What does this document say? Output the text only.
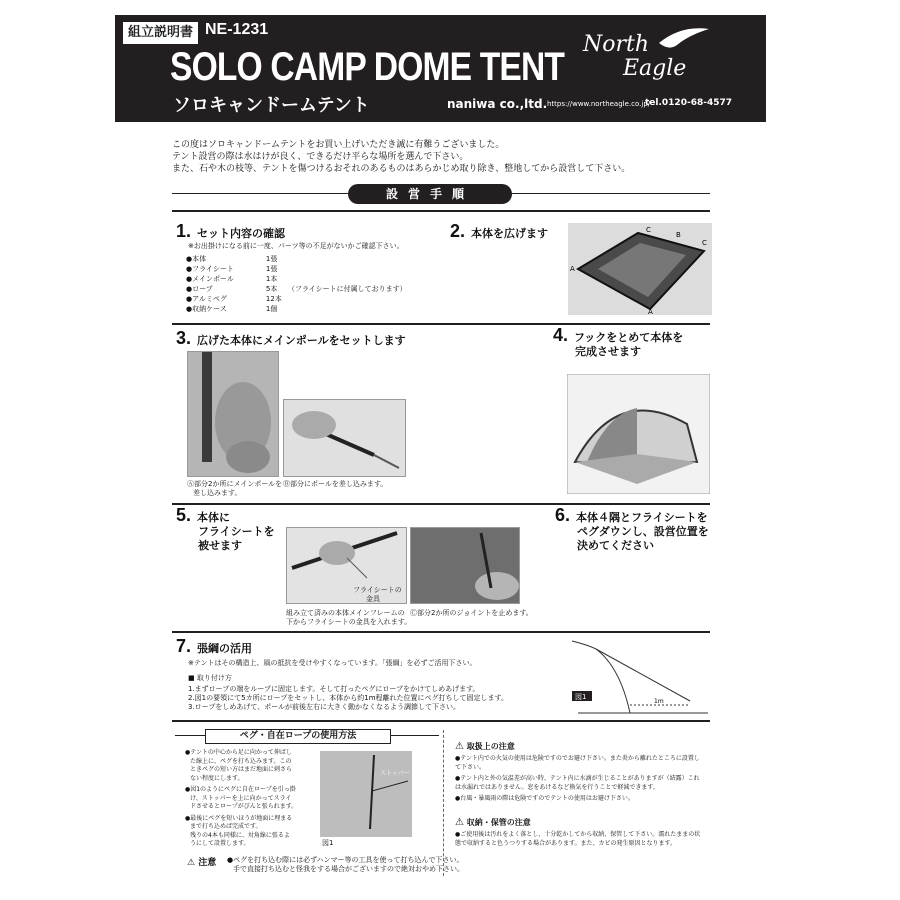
組立説明書 NE-1231
SOLO CAMP DOME TENT
ソロキャンドームテント
North
Eagle
naniwa co.,ltd. https://www.northeagle.co.jp/
tel.0120-68-4577
この度はソロキャンドームテントをお買い上げいただき誠に有難うございました。
テント設営の際は水はけが良く、できるだけ平らな場所を選んで下さい。
また、石や木の枝等、テントを傷つけるおそれのあるものはあらかじめ取り除き、整地してから設営して下さい。
設営手順
1. セット内容の確認
※お出掛けになる前に一度、パーツ等の不足がないかご確認下さい。
●本体	1張	
●フライシート	1張	
●メインポール	1本	
●ロープ	5本	（フライシートに付属しております）
●アルミペグ	12本	
●収納ケース	1個	
2. 本体を広げます
A
A
B
C
C
3. 広げた本体にメインポールをセットします
Ⓐ部分2か所にメインポールを
差し込みます。
Ⓑ部分にポールを差し込みます。
4. フックをとめて本体を
完成させます
5. 本体に
フライシートを
被せます
フライシートの
金具
組み立て済みの本体メインフレームの
下からフライシートの金具を入れます。
Ⓒ部分2か所のジョイントを止めます。
6. 本体４隅とフライシートを
ペグダウンし、設営位置を
決めてください
7. 張綱の活用
※テントはその構造上、風の抵抗を受けやすくなっています。「張綱」を必ずご活用下さい。
■ 取り付け方
1.まずロープの端をループに固定します。そして打ったペグにロープをかけてしめあげます。
2.図1の要領にて5カ所にロープをセットし、本体から約1m程離れた位置にペグ打ちして固定します。
3.ロープをしめあげて、ポールが前後左右に大きく動かなくなるよう調節して下さい。
図1
1m
ペグ・自在ロープの使用方法
●テントの中心から足に向かって伸ばし
た線上に、ペグを打ち込みます。この
ときペグの短い方はまだ地面に刺さら
ない程度にします。
●図1のようにペグに自在ロープを引っ掛
け、ストッパーを上に向かってスライ
ドさせるとロープがぴんと張られます。
●最後にペグを短いほうが地面に埋まる
まで打ち込めば完成です。
残りの4本も同様に、対角線に張るよ
うにして設置します。
ストッパー
図1
⚠ 注意 ●ペグを打ち込む際には必ずハンマー等の工具を使って打ち込んで下さい。
手で直接打ち込むと怪我をする場合がございますので絶対おやめ下さい。
⚠ 取扱上の注意
●テント内での火気の使用は危険ですのでお避け下さい。また炎から離れたところに設置して下さい。
●テント内と外の気温差が高い時、テント内に水滴が生じることがありますが（結露）これは水漏れではありません。窓をあけるなど換気を行うことで軽減できます。
●台風・暴風雨の際は危険ですのでテントの使用はお避け下さい。
⚠ 収納・保管の注意
●ご使用後は汚れをよく落とし、十分乾かしてから収納、保管して下さい。濡れたままの状態で収納すると色うつりする場合があります。また、カビの発生原因となります。
